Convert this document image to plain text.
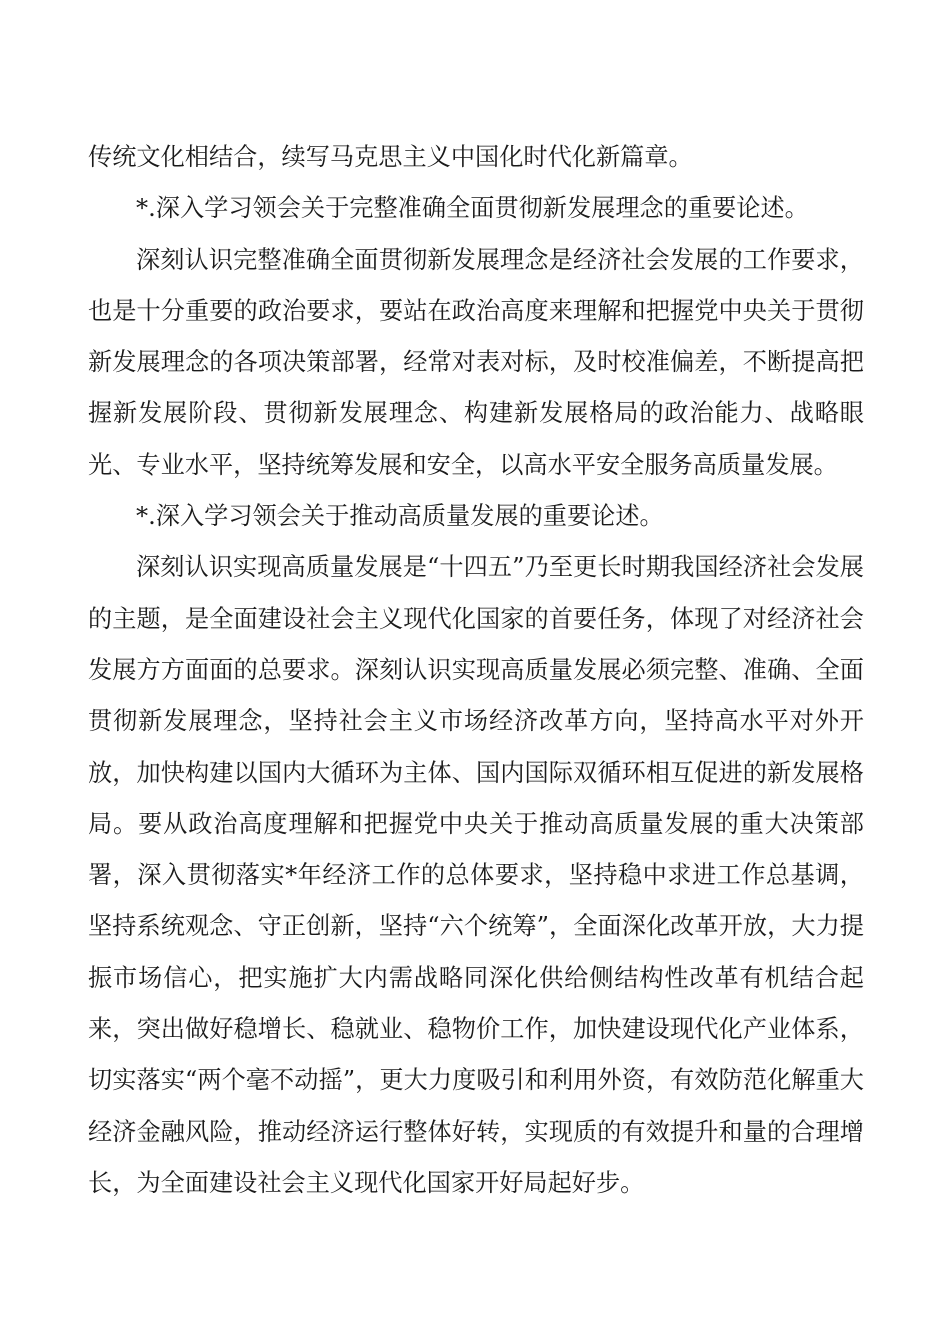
传统文化相结合，续写马克思主义中国化时代化新篇章。

*.深入学习领会关于完整准确全面贯彻新发展理念的重要论述。

深刻认识完整准确全面贯彻新发展理念是经济社会发展的工作要求，也是十分重要的政治要求，要站在政治高度来理解和把握党中央关于贯彻新发展理念的各项决策部署，经常对表对标，及时校准偏差，不断提高把握新发展阶段、贯彻新发展理念、构建新发展格局的政治能力、战略眼光、专业水平，坚持统筹发展和安全，以高水平安全服务高质量发展。

*.深入学习领会关于推动高质量发展的重要论述。

深刻认识实现高质量发展是“十四五”乃至更长时期我国经济社会发展的主题，是全面建设社会主义现代化国家的首要任务，体现了对经济社会发展方方面面的总要求。深刻认识实现高质量发展必须完整、准确、全面贯彻新发展理念，坚持社会主义市场经济改革方向，坚持高水平对外开放，加快构建以国内大循环为主体、国内国际双循环相互促进的新发展格局。要从政治高度理解和把握党中央关于推动高质量发展的重大决策部署，深入贯彻落实*年经济工作的总体要求，坚持稳中求进工作总基调，坚持系统观念、守正创新，坚持“六个统筹”，全面深化改革开放，大力提振市场信心，把实施扩大内需战略同深化供给侧结构性改革有机结合起来，突出做好稳增长、稳就业、稳物价工作，加快建设现代化产业体系，切实落实“两个毫不动摇”，更大力度吸引和利用外资，有效防范化解重大经济金融风险，推动经济运行整体好转，实现质的有效提升和量的合理增长，为全面建设社会主义现代化国家开好局起好步。
